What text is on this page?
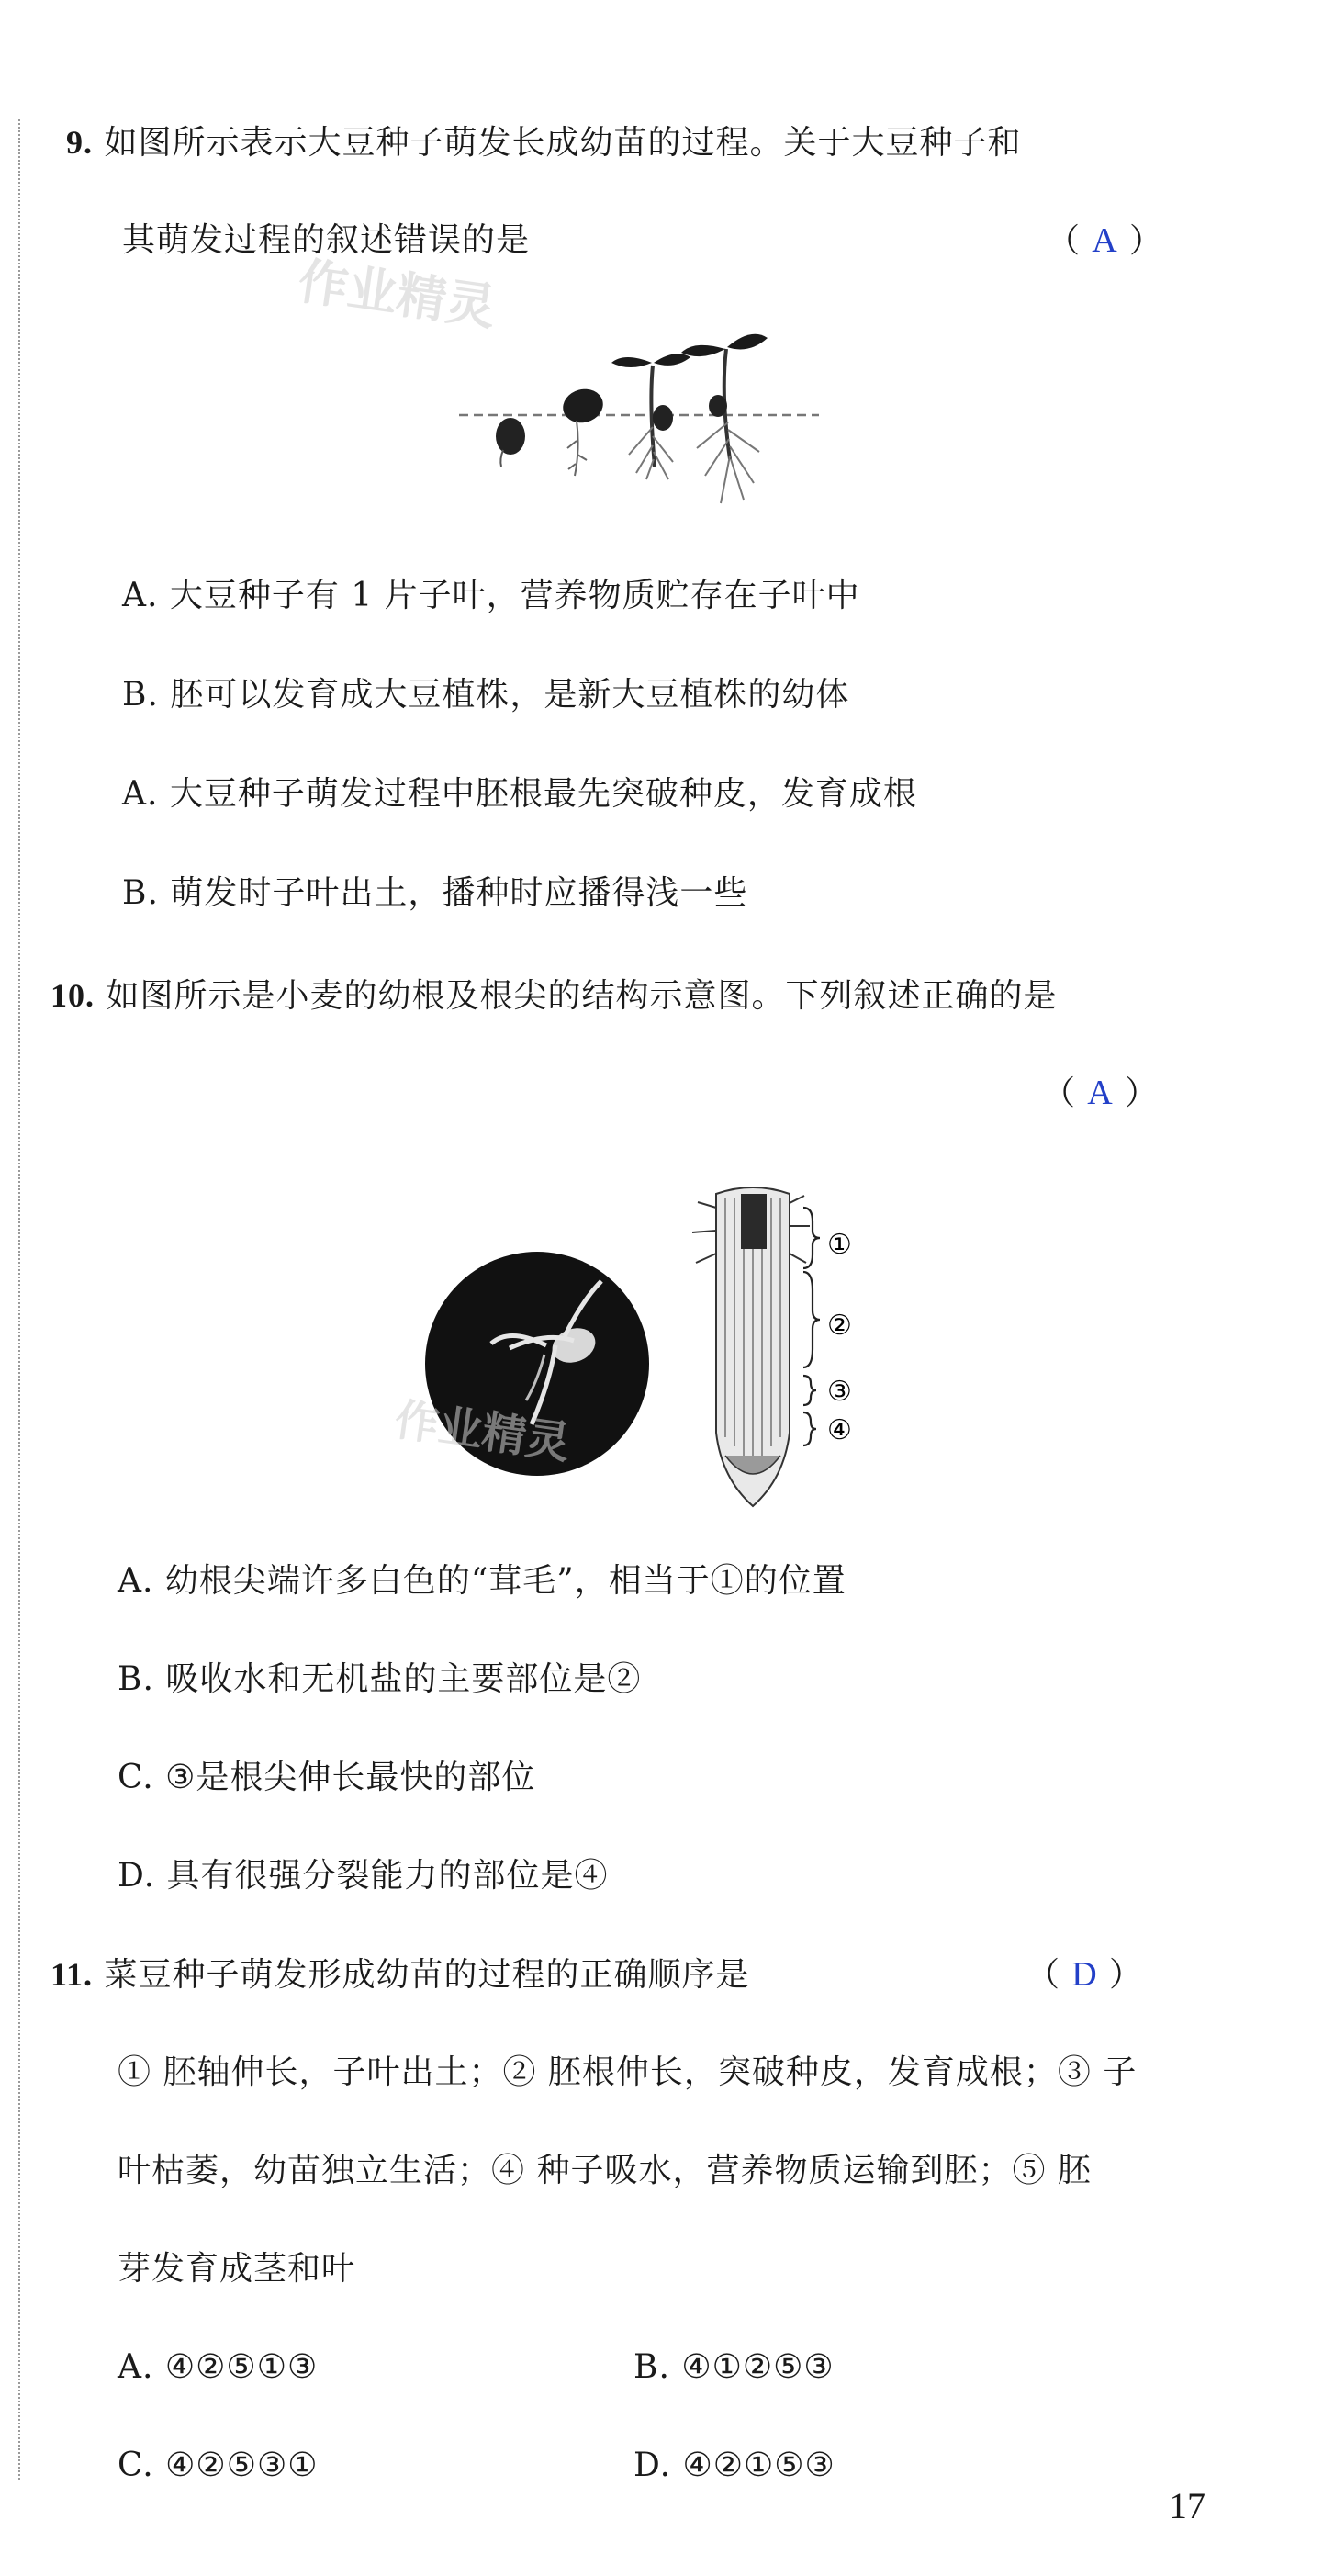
9. 如图所示表示大豆种子萌发长成幼苗的过程。关于大豆种子和
其萌发过程的叙述错误的是	（ A ）
作业精灵
A. 大豆种子有 1 片子叶，营养物质贮存在子叶中
B. 胚可以发育成大豆植株，是新大豆植株的幼体
A. 大豆种子萌发过程中胚根最先突破种皮，发育成根
B. 萌发时子叶出土，播种时应播得浅一些
10. 如图所示是小麦的幼根及根尖的结构示意图。下列叙述正确的是
（ A ）
①
②
③
④
作业精灵
A. 幼根尖端许多白色的“茸毛”，相当于①的位置
B. 吸收水和无机盐的主要部位是②
C. ③是根尖伸长最快的部位
D. 具有很强分裂能力的部位是④
11. 菜豆种子萌发形成幼苗的过程的正确顺序是	（ D ）
① 胚轴伸长，子叶出土；② 胚根伸长，突破种皮，发育成根；③ 子
叶枯萎，幼苗独立生活；④ 种子吸水，营养物质运输到胚；⑤ 胚
芽发育成茎和叶
A. ④②⑤①③	B. ④①②⑤③
C. ④②⑤③①	D. ④②①⑤③
17
